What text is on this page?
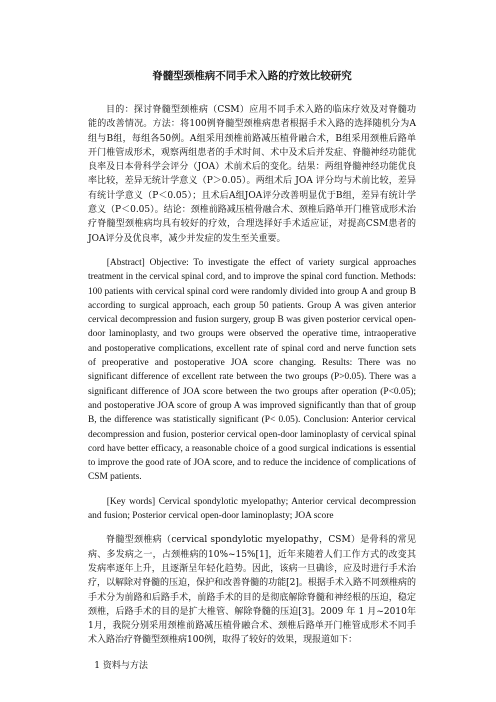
脊髓型颈椎病不同手术入路的疗效比较研究

目的：探讨脊髓型颈椎病（CSM）应用不同手术入路的临床疗效及对脊髓功能的改善情况。方法：将100例脊髓型颈椎病患者根据手术入路的选择随机分为A组与B组，每组各50例。A组采用颈椎前路减压植骨融合术，B组采用颈椎后路单开门椎管成形术，观察两组患者的手术时间、术中及术后并发症、脊髓神经功能优良率及日本骨科学会评分（JOA）术前术后的变化。结果：两组脊髓神经功能优良率比较，差异无统计学意义（P＞0.05）。两组术后 JOA 评分均与术前比较，差异有统计学意义（P＜0.05）；且术后A组JOA评分改善明显优于B组，差异有统计学意义（P＜0.05）。结论：颈椎前路减压植骨融合术、颈椎后路单开门椎管成形术治疗脊髓型颈椎病均具有较好的疗效，合理选择好手术适应证，对提高CSM患者的JOA评分及优良率，减少并发症的发生至关重要。

[Abstract] Objective: To investigate the effect of variety surgical approaches treatment in the cervical spinal cord, and to improve the spinal cord function. Methods: 100 patients with cervical spinal cord were randomly divided into group A and group B according to surgical approach, each group 50 patients. Group A was given anterior cervical decompression and fusion surgery, group B was given posterior cervical open-door laminoplasty, and two groups were observed the operative time, intraoperative and postoperative complications, excellent rate of spinal cord and nerve function sets of preoperative and postoperative JOA score changing. Results: There was no significant difference of excellent rate between the two groups (P>0.05). There was a significant difference of JOA score between the two groups after operation (P<0.05); and postoperative JOA score of group A was improved significantly than that of group B, the difference was statistically significant (P< 0.05). Conclusion: Anterior cervical decompression and fusion, posterior cervical open-door laminoplasty of cervical spinal cord have better efficacy, a reasonable choice of a good surgical indications is essential to improve the good rate of JOA score, and to reduce the incidence of complications of CSM patients.

[Key words] Cervical spondylotic myelopathy; Anterior cervical decompression and fusion; Posterior cervical open-door laminoplasty; JOA score

脊髓型颈椎病（cervical spondylotic myelopathy，CSM）是骨科的常见病、多发病之一，占颈椎病的10%~15%[1]，近年来随着人们工作方式的改变其发病率逐年上升，且逐渐呈年轻化趋势。因此，该病一旦确诊，应及时进行手术治疗，以解除对脊髓的压迫，保护和改善脊髓的功能[2]。根据手术入路不同颈椎病的手术分为前路和后路手术，前路手术的目的是彻底解除脊髓和神经根的压迫，稳定颈椎，后路手术的目的是扩大椎管、解除脊髓的压迫[3]。2009 年 1 月~2010年1月，我院分别采用颈椎前路减压植骨融合术、颈椎后路单开门椎管成形术不同手术入路治疗脊髓型颈椎病100例，取得了较好的效果，现报道如下：

1 资料与方法
